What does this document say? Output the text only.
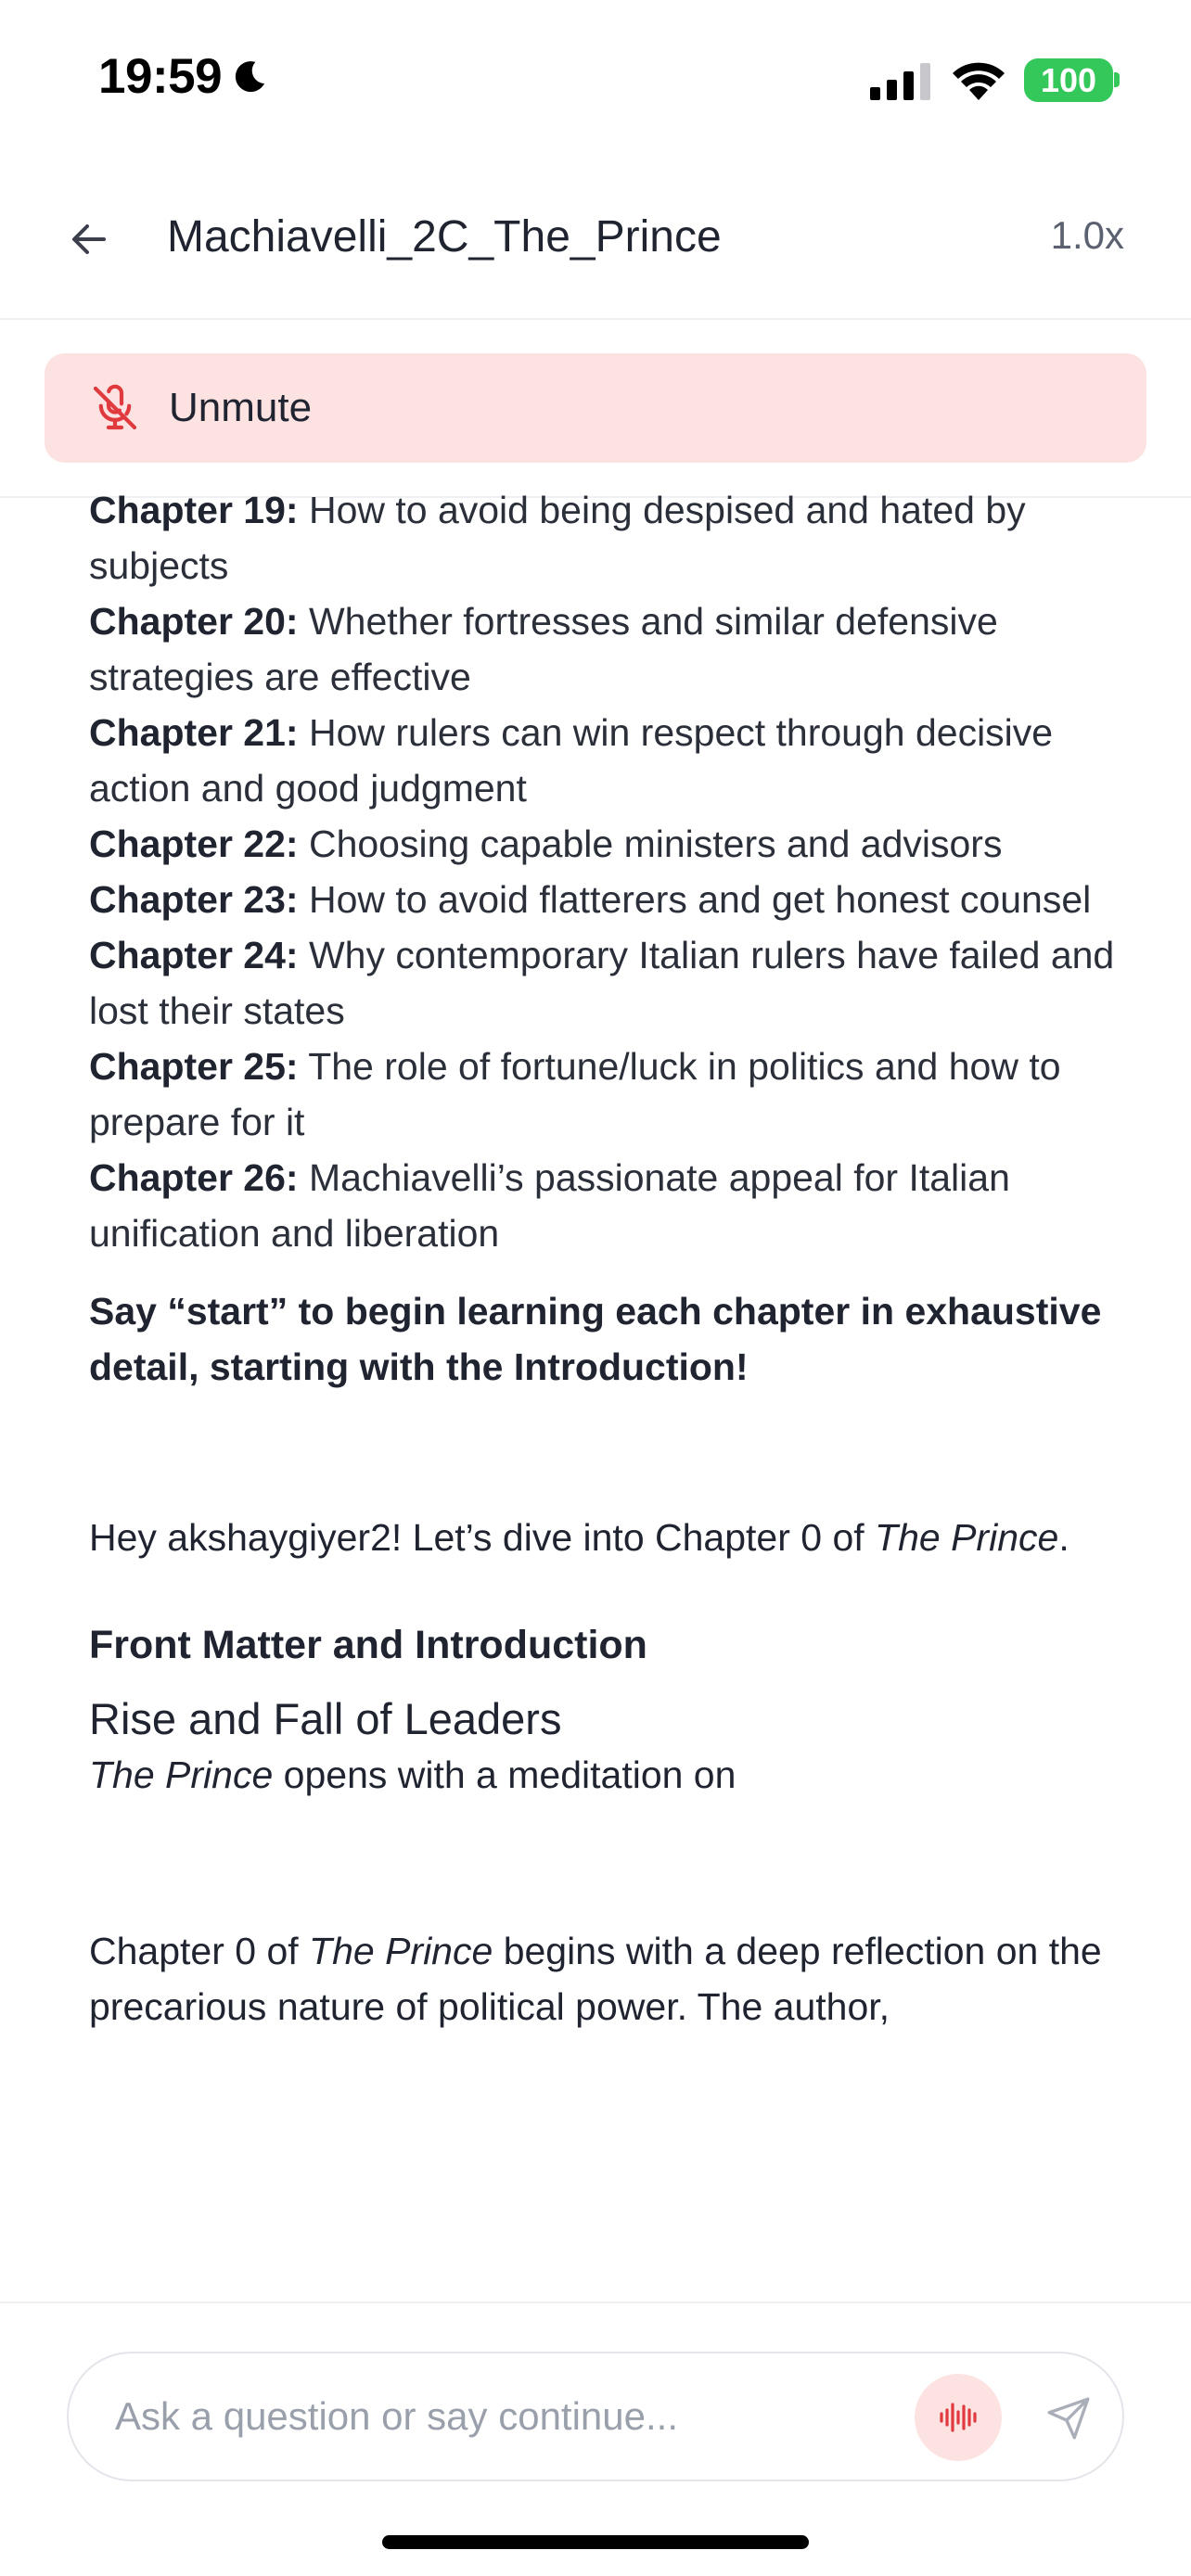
19:59	100
Machiavelli_2C_The_Prince	1.0x
Unmute
Chapter 19: How to avoid being despised and hated by subjects
Chapter 20: Whether fortresses and similar defensive strategies are effective
Chapter 21: How rulers can win respect through decisive action and good judgment
Chapter 22: Choosing capable ministers and advisors
Chapter 23: How to avoid flatterers and get honest counsel
Chapter 24: Why contemporary Italian rulers have failed and lost their states
Chapter 25: The role of fortune/luck in politics and how to prepare for it
Chapter 26: Machiavelli’s passionate appeal for Italian unification and liberation
Say “start” to begin learning each chapter in exhaustive detail, starting with the Introduction!
Hey akshaygiyer2! Let’s dive into Chapter 0 of The Prince.
Front Matter and Introduction
Rise and Fall of Leaders
The Prince opens with a meditation on
Chapter 0 of The Prince begins with a deep reflection on the precarious nature of political power. The author,
Ask a question or say continue...
